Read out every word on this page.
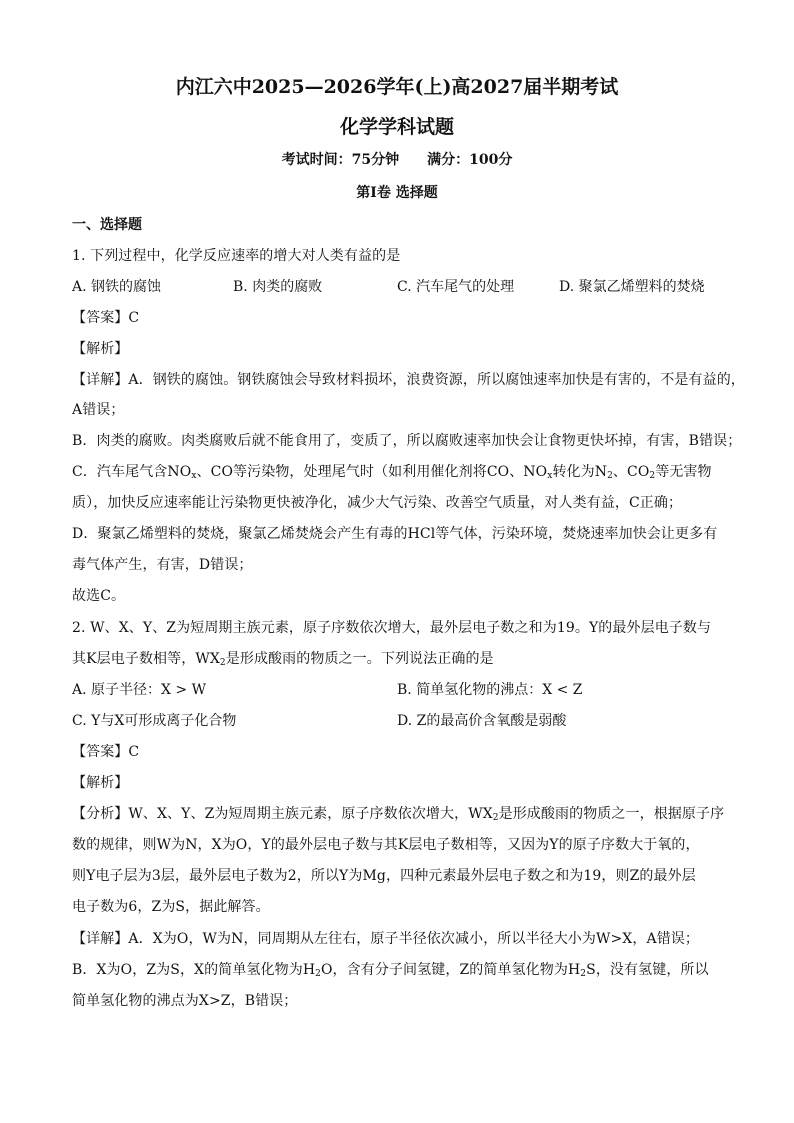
内江六中2025—2026学年(上)高2027届半期考试
化学学科试题
考试时间：75分钟 满分：100分
第Ⅰ卷 选择题
一、选择题
1. 下列过程中，化学反应速率的增大对人类有益的是
A. 钢铁的腐蚀	B. 肉类的腐败	C. 汽车尾气的处理	D. 聚氯乙烯塑料的焚烧
【答案】C
【解析】
【详解】A．钢铁的腐蚀。钢铁腐蚀会导致材料损坏，浪费资源，所以腐蚀速率加快是有害的，不是有益的，
A错误；
B．肉类的腐败。肉类腐败后就不能食用了，变质了，所以腐败速率加快会让食物更快坏掉，有害，B错误；
C．汽车尾气含$NO_x$、CO等污染物，处理尾气时（如利用催化剂将CO、$NO_x$转化为$N_2$、$CO_2$等无害物
质），加快反应速率能让污染物更快被净化，减少大气污染、改善空气质量，对人类有益，C正确；
D．聚氯乙烯塑料的焚烧，聚氯乙烯焚烧会产生有毒的HCl等气体，污染环境，焚烧速率加快会让更多有
毒气体产生，有害，D错误；
故选C。
2. W、X、Y、Z为短周期主族元素，原子序数依次增大，最外层电子数之和为19。Y的最外层电子数与
其K层电子数相等，$WX_2$是形成酸雨的物质之一。下列说法正确的是
A. 原子半径：X > W	B. 简单氢化物的沸点：X < Z
C. Y与X可形成离子化合物	D. Z的最高价含氧酸是弱酸
【答案】C
【解析】
【分析】W、X、Y、Z为短周期主族元素，原子序数依次增大，$WX_2$是形成酸雨的物质之一，根据原子序
数的规律，则W为N，X为O，Y的最外层电子数与其K层电子数相等，又因为Y的原子序数大于氧的，
则Y电子层为3层，最外层电子数为2，所以Y为Mg，四种元素最外层电子数之和为19，则Z的最外层
电子数为6，Z为S，据此解答。
【详解】A．X为O，W为N，同周期从左往右，原子半径依次减小，所以半径大小为W>X，A错误；
B．X为O，Z为S，X的简单氢化物为$H_2O$，含有分子间氢键，Z的简单氢化物为$H_2S$，没有氢键，所以
简单氢化物的沸点为X>Z，B错误；
